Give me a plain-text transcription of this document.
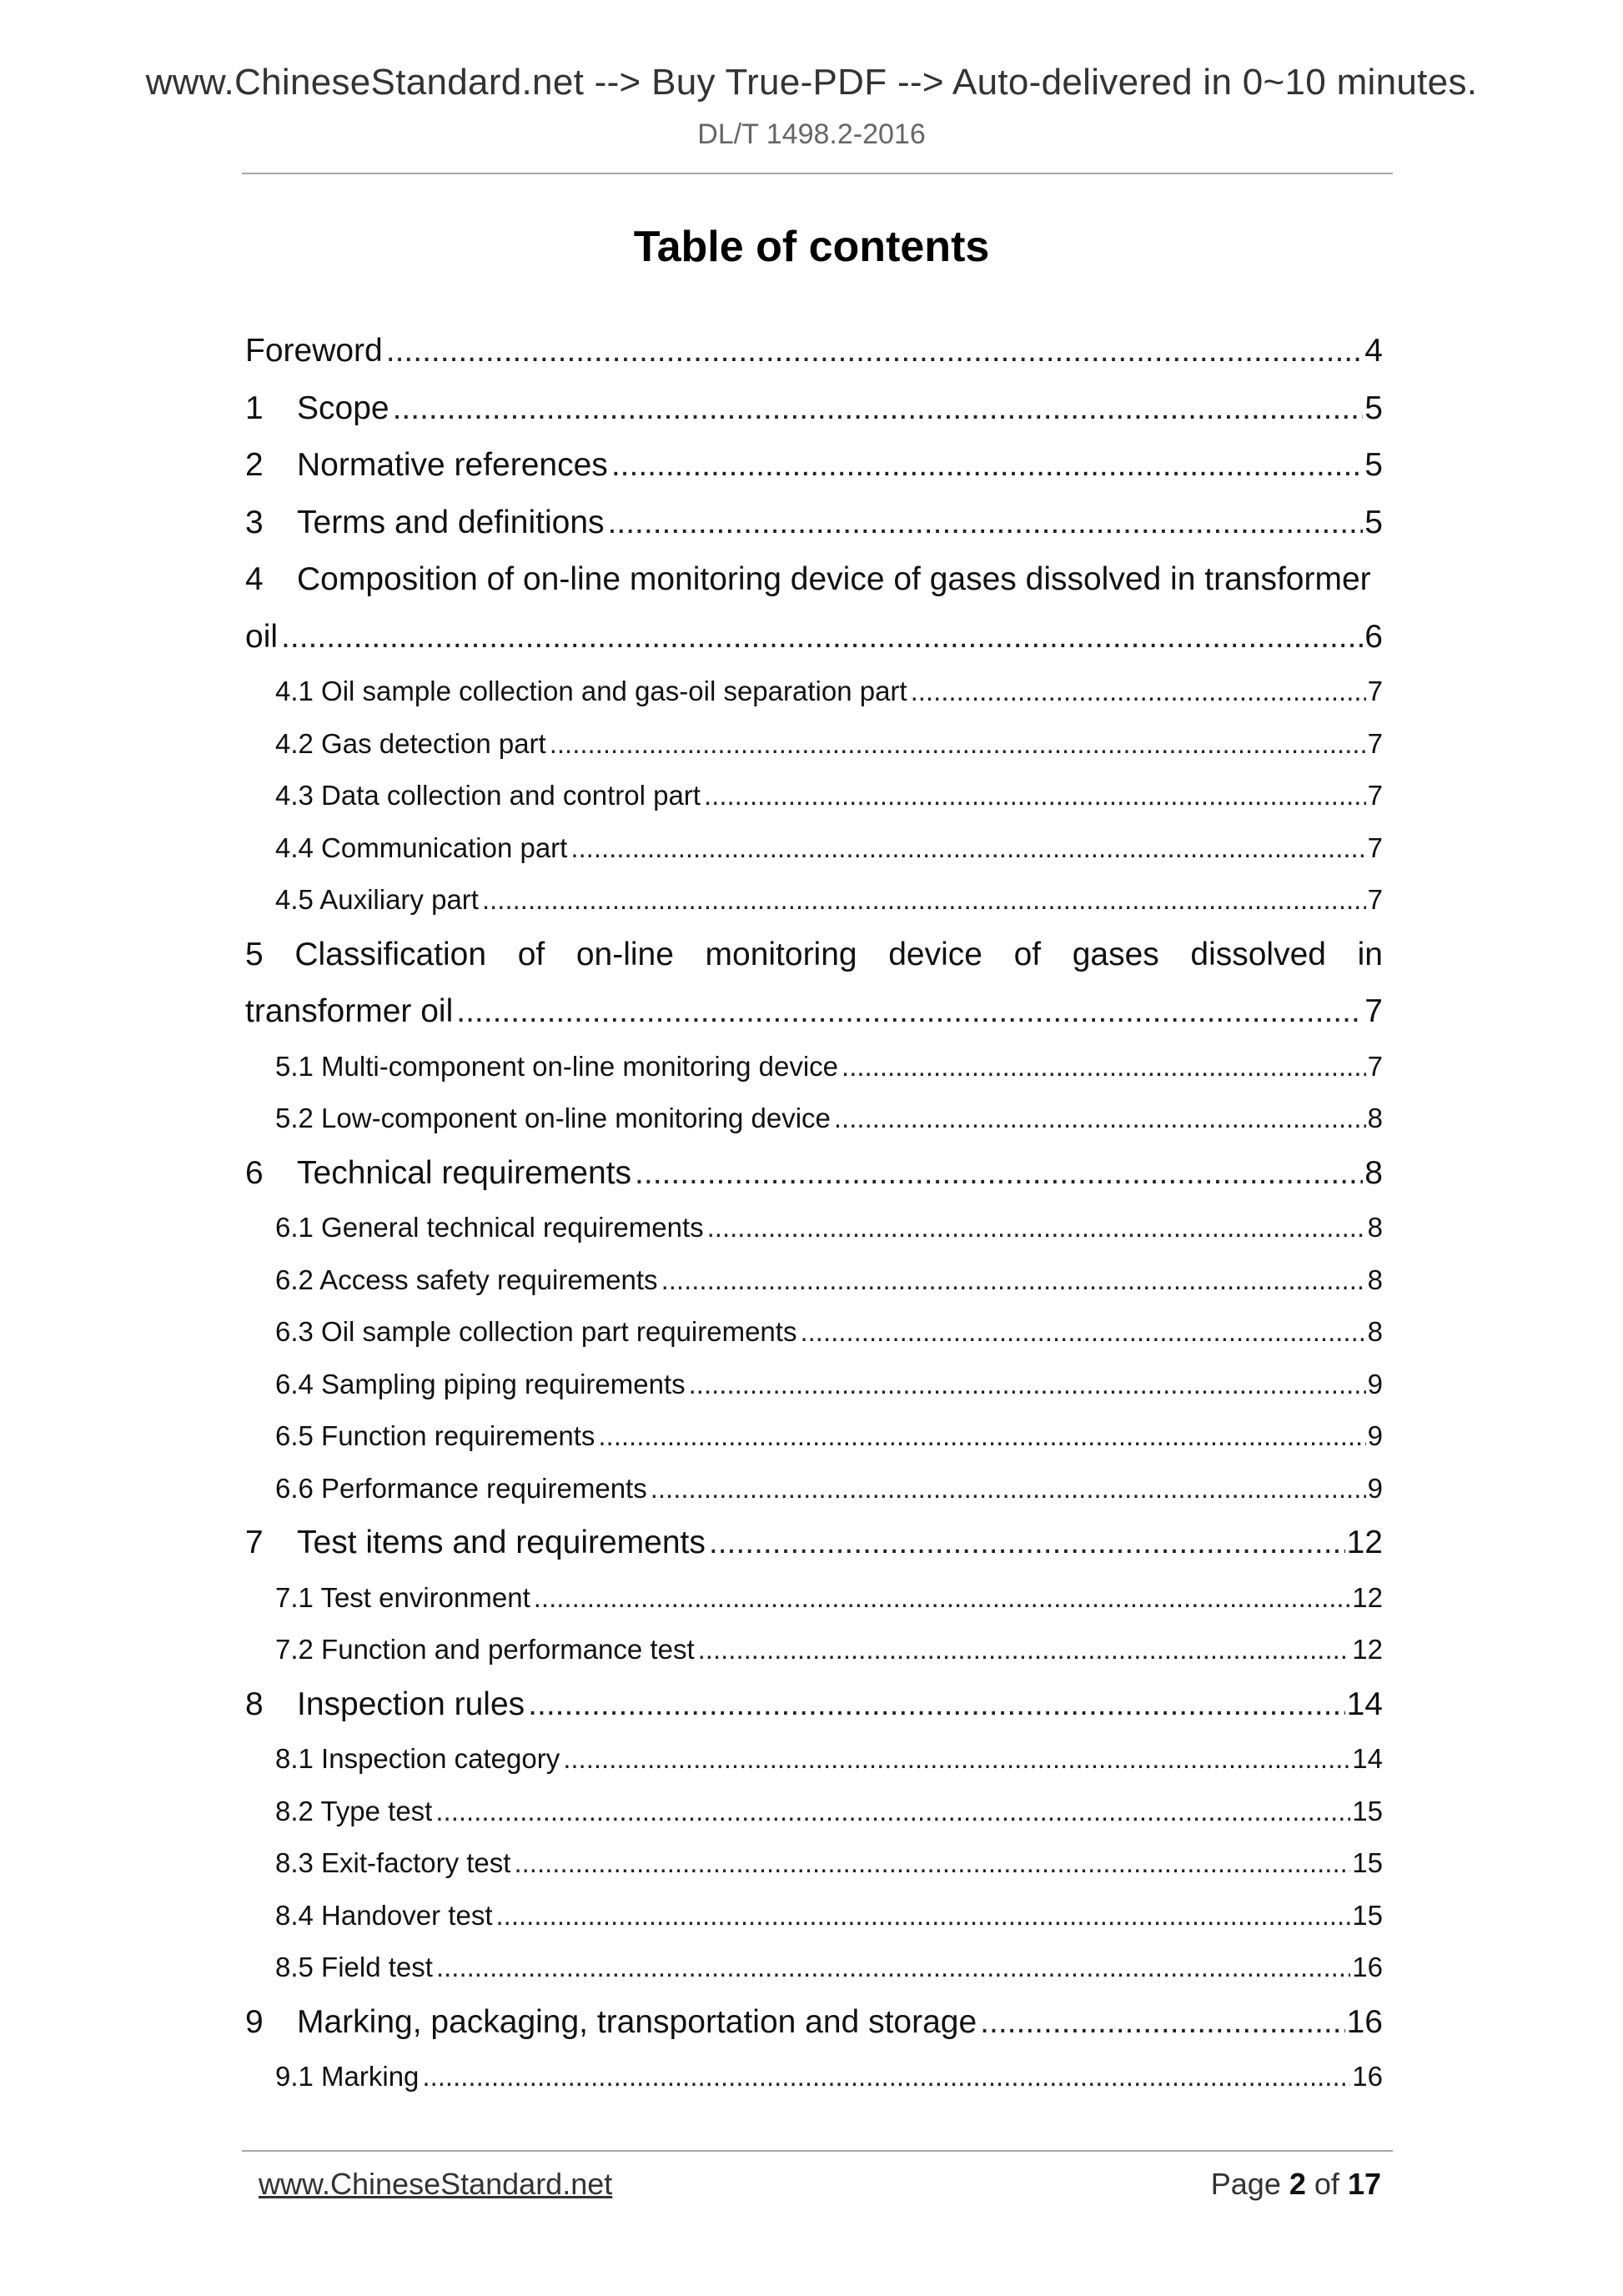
www.ChineseStandard.net --> Buy True-PDF --> Auto-delivered in 0~10 minutes.
DL/T 1498.2-2016
Table of contents
Foreword .....	4
1	Scope .....	5
2	Normative references .....	5
3	Terms and definitions .....	5
4	Composition of on-line monitoring device of gases dissolved in transformer
oil .....	6
4.1 Oil sample collection and gas-oil separation part .....	7
4.2 Gas detection part .....	7
4.3 Data collection and control part .....	7
4.4 Communication part .....	7
4.5 Auxiliary part .....	7
5 Classification of on-line monitoring device of gases dissolved in
transformer oil .....	7
5.1 Multi-component on-line monitoring device .....	7
5.2 Low-component on-line monitoring device .....	8
6	Technical requirements .....	8
6.1 General technical requirements .....	8
6.2 Access safety requirements .....	8
6.3 Oil sample collection part requirements .....	8
6.4 Sampling piping requirements .....	9
6.5 Function requirements .....	9
6.6 Performance requirements .....	9
7	Test items and requirements .....	12
7.1 Test environment .....	12
7.2 Function and performance test .....	12
8	Inspection rules .....	14
8.1 Inspection category .....	14
8.2 Type test .....	15
8.3 Exit-factory test .....	15
8.4 Handover test .....	15
8.5 Field test .....	16
9	Marking, packaging, transportation and storage .....	16
9.1 Marking .....	16
www.ChineseStandard.net	Page 2 of 17
